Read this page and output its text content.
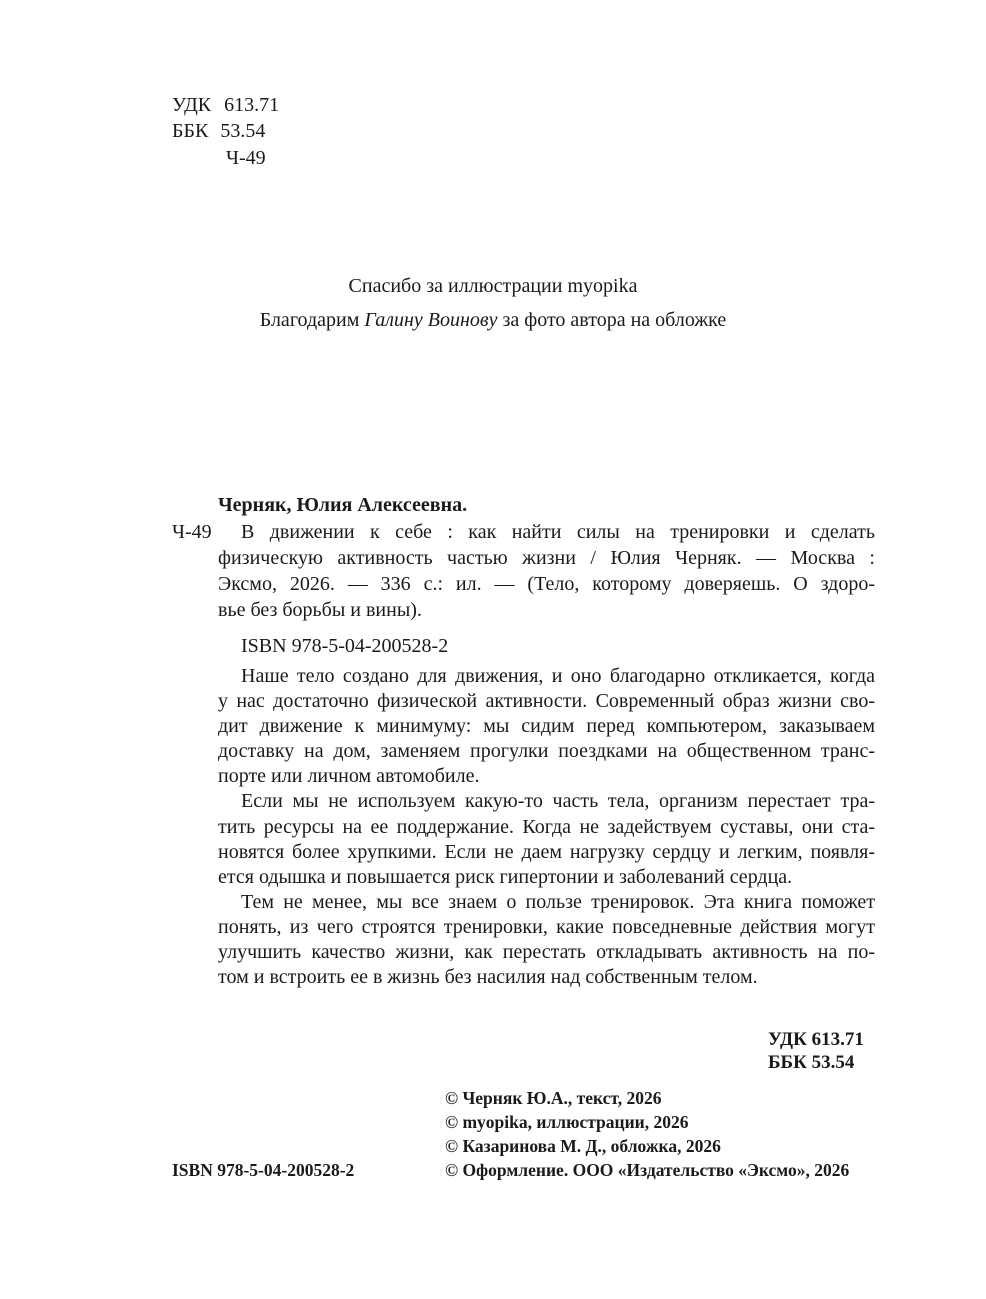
УДК 613.71
ББК 53.54
Ч-49
Спасибо за иллюстрации myopika
Благодарим Галину Воинову за фото автора на обложке
Черняк, Юлия Алексеевна.
Ч-49	В движении к себе : как найти силы на тренировки и сделать
физическую активность частью жизни / Юлия Черняк. — Москва :
Эксмо, 2026. — 336 с.: ил. — (Тело, которому доверяешь. О здоро-
вье без борьбы и вины).
ISBN 978-5-04-200528-2
Наше тело создано для движения, и оно благодарно откликается, когда
у нас достаточно физической активности. Современный образ жизни сво-
дит движение к минимуму: мы сидим перед компьютером, заказываем
доставку на дом, заменяем прогулки поездками на общественном транс-
порте или личном автомобиле.
Если мы не используем какую-то часть тела, организм перестает тра-
тить ресурсы на ее поддержание. Когда не задействуем суставы, они ста-
новятся более хрупкими. Если не даем нагрузку сердцу и легким, появля-
ется одышка и повышается риск гипертонии и заболеваний сердца.
Тем не менее, мы все знаем о пользе тренировок. Эта книга поможет
понять, из чего строятся тренировки, какие повседневные действия могут
улучшить качество жизни, как перестать откладывать активность на по-
том и встроить ее в жизнь без насилия над собственным телом.
УДК 613.71
ББК 53.54
© Черняк Ю.А., текст, 2026
© myopika, иллюстрации, 2026
© Казаринова М. Д., обложка, 2026
© Оформление. ООО «Издательство «Эксмо», 2026
ISBN 978-5-04-200528-2
